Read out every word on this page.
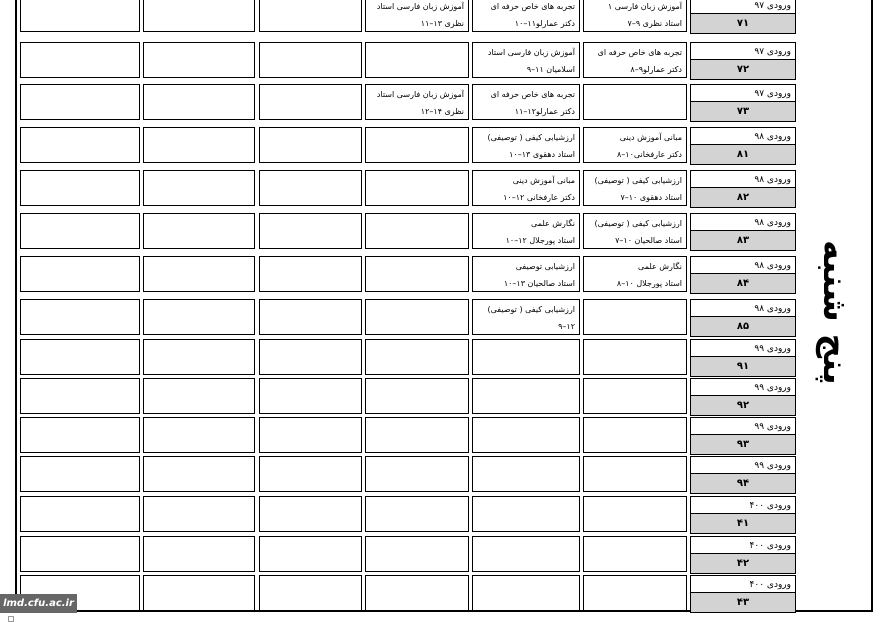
آموزش زبان فارسی استاد
نظری ۱۳–۱۱
تجربه های خاص حرفه ای
دکتر عمارلو۱۱–۱۰
آموزش زبان فارسی ۱
استاد نظری ۹–۷
ورودی ۹۷
۷۱
آموزش زبان فارسی استاد
اسلامیان ۱۱–۹
تجربه های خاص حرفه ای
دکتر عمارلو۹–۸
ورودی ۹۷
۷۲
آموزش زبان فارسی استاد
نظری ۱۴–۱۲
تجربه های خاص حرفه ای
دکتر عمارلو۱۲–۱۱
ورودی ۹۷
۷۳
ارزشیابی کیفی ( توصیفی)
استاد دهقوی ۱۳–۱۰
مبانی آموزش دینی
دکتر عارفخانی۱۰–۸
ورودی ۹۸
۸۱
مبانی آموزش دینی
دکتر عارفخانی ۱۲–۱۰
ارزشیابی کیفی ( توصیفی)
استاد دهقوی ۱۰–۷
ورودی ۹۸
۸۲
نگارش علمی
استاد پورجلال ۱۲–۱۰
ارزشیابی کیفی ( توصیفی)
استاد صالحیان ۱۰–۷
ورودی ۹۸
۸۳
ارزشیابی توصیفی
استاد صالحیان ۱۳–۱۰
نگارش علمی
استاد پورجلال ۱۰–۸
ورودی ۹۸
۸۴
ارزشیابی کیفی ( توصیفی)
۱۲–۹
ورودی ۹۸
۸۵
ورودی ۹۹
۹۱
ورودی ۹۹
۹۲
ورودی ۹۹
۹۳
ورودی ۹۹
۹۴
ورودی ۴۰۰
۴۱
ورودی ۴۰۰
۴۲
ورودی ۴۰۰
۴۳
پنج شنبه
lmd.cfu.ac.ir
